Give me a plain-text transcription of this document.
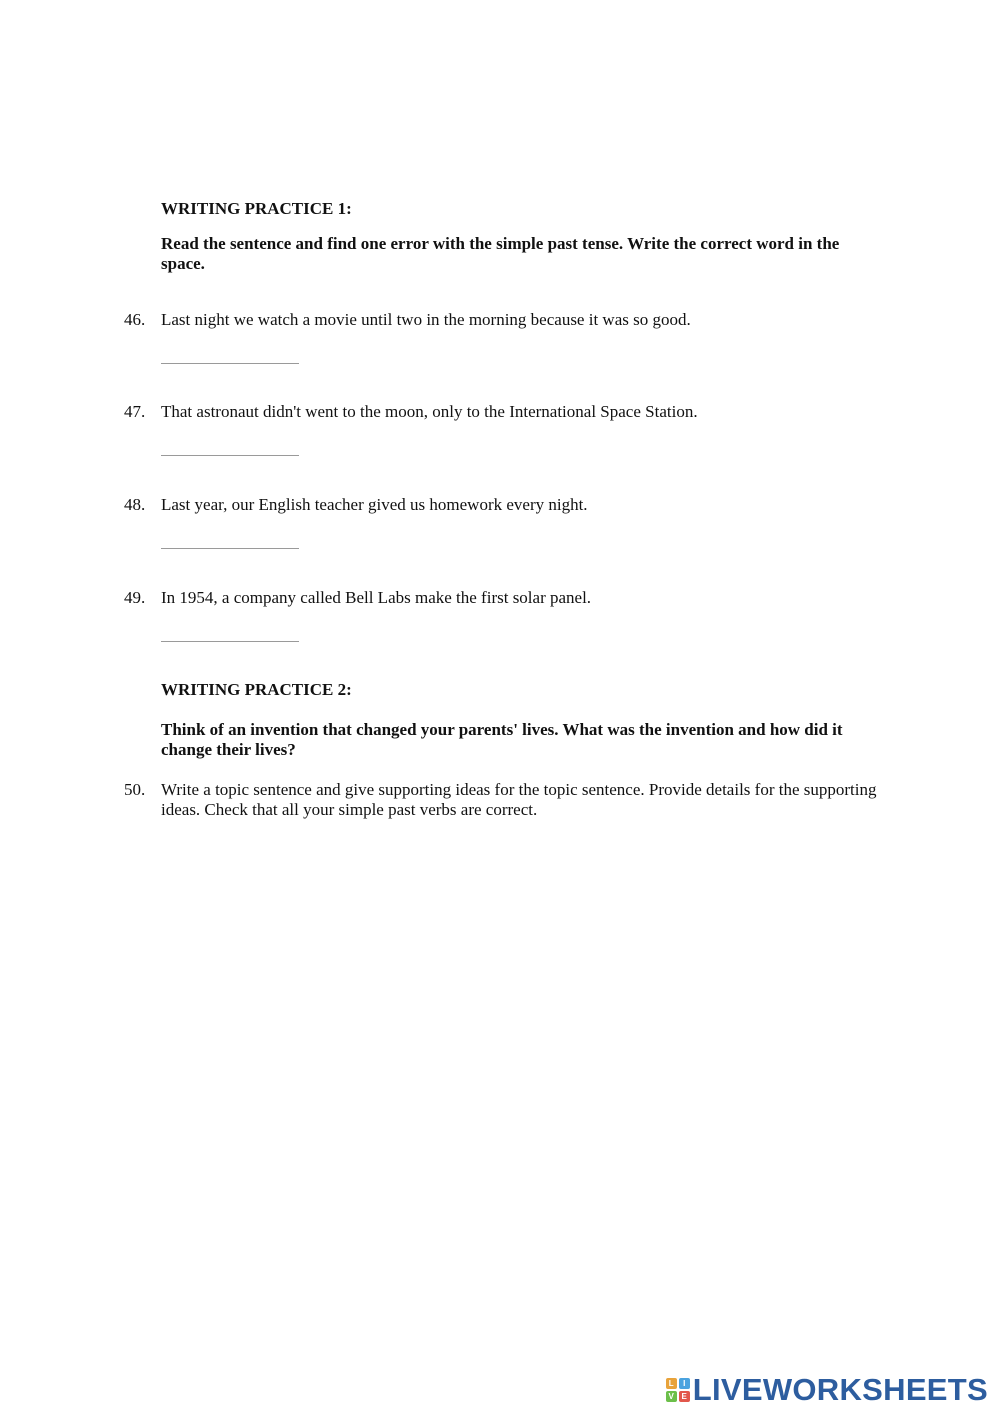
WRITING PRACTICE 1:
Read the sentence and find one error with the simple past tense. Write the correct word in the space.
46. Last night we watch a movie until two in the morning because it was so good.
47. That astronaut didn't went to the moon, only to the International Space Station.
48. Last year, our English teacher gived us homework every night.
49. In 1954, a company called Bell Labs make the first solar panel.
WRITING PRACTICE 2:
Think of an invention that changed your parents' lives. What was the invention and how did it change their lives?
50. Write a topic sentence and give supporting ideas for the topic sentence. Provide details for the supporting ideas. Check that all your simple past verbs are correct.
L	I
V E LIVEWORKSHEETS
